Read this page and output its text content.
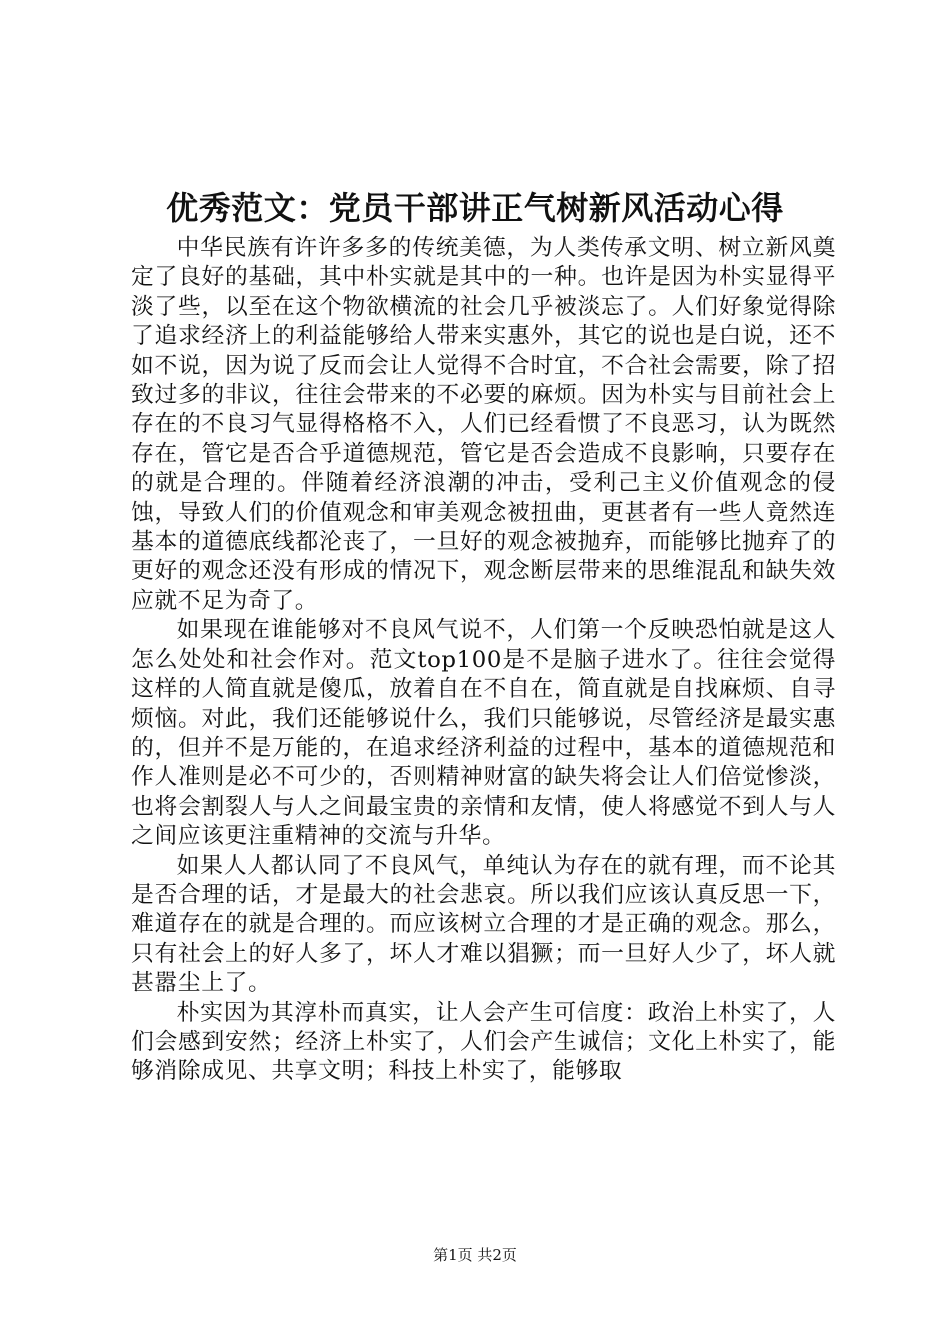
优秀范文：党员干部讲正气树新风活动心得

中华民族有许许多多的传统美德，为人类传承文明、树立新风奠定了良好的基础，其中朴实就是其中的一种。也许是因为朴实显得平淡了些，以至在这个物欲横流的社会几乎被淡忘了。人们好象觉得除了追求经济上的利益能够给人带来实惠外，其它的说也是白说，还不如不说，因为说了反而会让人觉得不合时宜，不合社会需要，除了招致过多的非议，往往会带来的不必要的麻烦。因为朴实与目前社会上存在的不良习气显得格格不入，人们已经看惯了不良恶习，认为既然存在，管它是否合乎道德规范，管它是否会造成不良影响，只要存在的就是合理的。伴随着经济浪潮的冲击，受利己主义价值观念的侵蚀，导致人们的价值观念和审美观念被扭曲，更甚者有一些人竟然连基本的道德底线都沦丧了，一旦好的观念被抛弃，而能够比抛弃了的更好的观念还没有形成的情况下，观念断层带来的思维混乱和缺失效应就不足为奇了。

如果现在谁能够对不良风气说不，人们第一个反映恐怕就是这人怎么处处和社会作对。范文top100是不是脑子进水了。往往会觉得这样的人简直就是傻瓜，放着自在不自在，简直就是自找麻烦、自寻烦恼。对此，我们还能够说什么，我们只能够说，尽管经济是最实惠的，但并不是万能的，在追求经济利益的过程中，基本的道德规范和作人准则是必不可少的，否则精神财富的缺失将会让人们倍觉惨淡，也将会割裂人与人之间最宝贵的亲情和友情，使人将感觉不到人与人之间应该更注重精神的交流与升华。

如果人人都认同了不良风气，单纯认为存在的就有理，而不论其是否合理的话，才是最大的社会悲哀。所以我们应该认真反思一下，难道存在的就是合理的。而应该树立合理的才是正确的观念。那么，只有社会上的好人多了，坏人才难以猖獗；而一旦好人少了，坏人就甚嚣尘上了。

朴实因为其淳朴而真实，让人会产生可信度：政治上朴实了，人们会感到安然；经济上朴实了，人们会产生诚信；文化上朴实了，能够消除成见、共享文明；科技上朴实了，能够取

第1页 共2页
